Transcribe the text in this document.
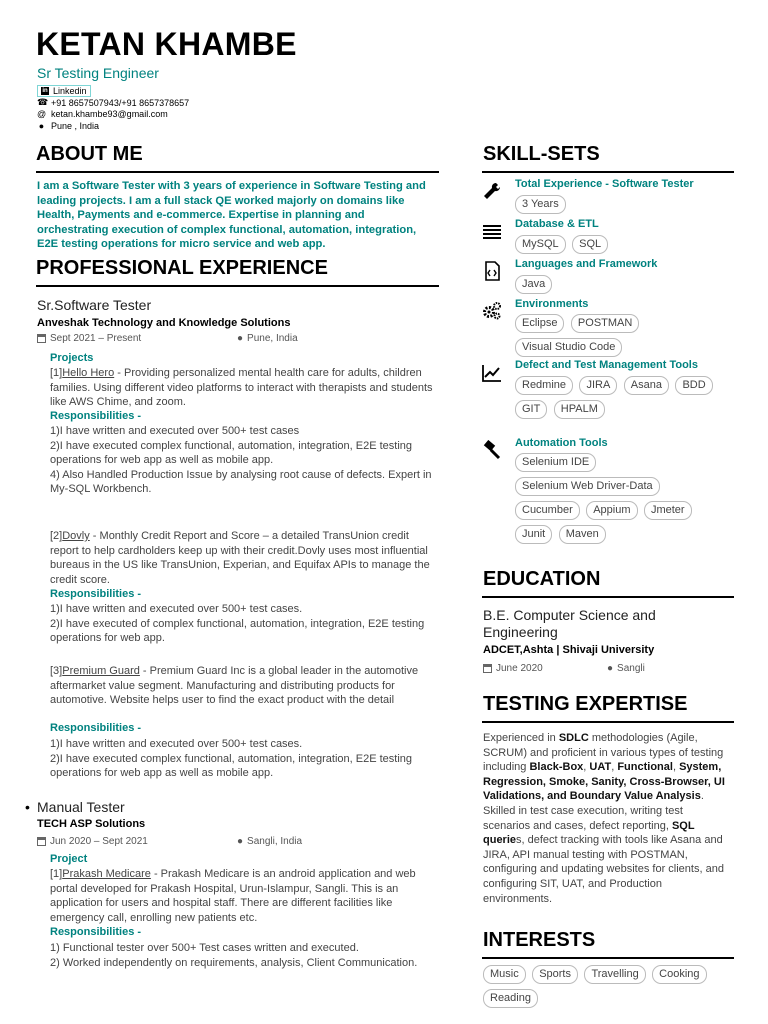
KETAN KHAMBE
Sr Testing Engineer
in Linkedin
☎ +91 8657507943/+91 8657378657
@ ketan.khambe93@gmail.com
● Pune , India
ABOUT ME
I am a Software Tester with 3 years of experience in Software Testing and leading projects. I am a full stack QE worked majorly on domains like Health, Payments and e-commerce. Expertise in planning and orchestrating execution of complex functional, automation, integration, E2E testing operations for micro service and web app.
PROFESSIONAL EXPERIENCE
Sr.Software Tester
Anveshak Technology and Knowledge Solutions
Sept 2021 – Present	● Pune, India
Projects
[1]Hello Hero - Providing personalized mental health care for adults, children families. Using different video platforms to interact with therapists and students like AWS Chime, and zoom.
Responsibilities -
1)I have written and executed over 500+ test cases
2)I have executed complex functional, automation, integration, E2E testing operations for web app as well as mobile app.
4) Also Handled Production Issue by analysing root cause of defects. Expert in My-SQL Workbench.
[2]Dovly - Monthly Credit Report and Score – a detailed TransUnion credit report to help cardholders keep up with their credit.Dovly uses most influential bureaus in the US like TransUnion, Experian, and Equifax APIs to manage the credit score.
Responsibilities -
1)I have written and executed over 500+ test cases.
2)I have executed of complex functional, automation, integration, E2E testing operations for web app.
[3]Premium Guard - Premium Guard Inc is a global leader in the automotive aftermarket value segment. Manufacturing and distributing products for automotive. Website helps user to find the exact product with the detail
Responsibilities -
1)I have written and executed over 500+ test cases.
2)I have executed complex functional, automation, integration, E2E testing operations for web app as well as mobile app.
• Manual Tester
TECH ASP Solutions
Jun 2020 – Sept 2021	● Sangli, India
Project
[1]Prakash Medicare - Prakash Medicare is an android application and web portal developed for Prakash Hospital, Urun-Islampur, Sangli. This is an application for users and hospital staff. There are different facilities like emergency call, enrolling new patients etc.
Responsibilities -
1) Functional tester over 500+ Test cases written and executed.
2) Worked independently on requirements, analysis, Client Communication.
SKILL-SETS
Total Experience - Software Tester
3 Years
Database & ETL
MySQL SQL
Languages and Framework
Java
Environments
Eclipse POSTMAN
Visual Studio Code
Defect and Test Management Tools
Redmine JIRA Asana BDD
GIT HPALM
Automation Tools
Selenium IDE
Selenium Web Driver-Data
Cucumber Appium Jmeter
Junit Maven
EDUCATION
B.E. Computer Science and Engineering
ADCET,Ashta | Shivaji University
June 2020	● Sangli
TESTING EXPERTISE
Experienced in SDLC methodologies (Agile, SCRUM) and proficient in various types of testing including Black-Box, UAT, Functional, System, Regression, Smoke, Sanity, Cross-Browser, UI Validations, and Boundary Value Analysis. Skilled in test case execution, writing test scenarios and cases, defect reporting, SQL queries, defect tracking with tools like Asana and JIRA, API manual testing with POSTMAN, configuring and updating websites for clients, and configuring SIT, UAT, and Production environments.
INTERESTS
Music Sports Travelling Cooking
Reading
